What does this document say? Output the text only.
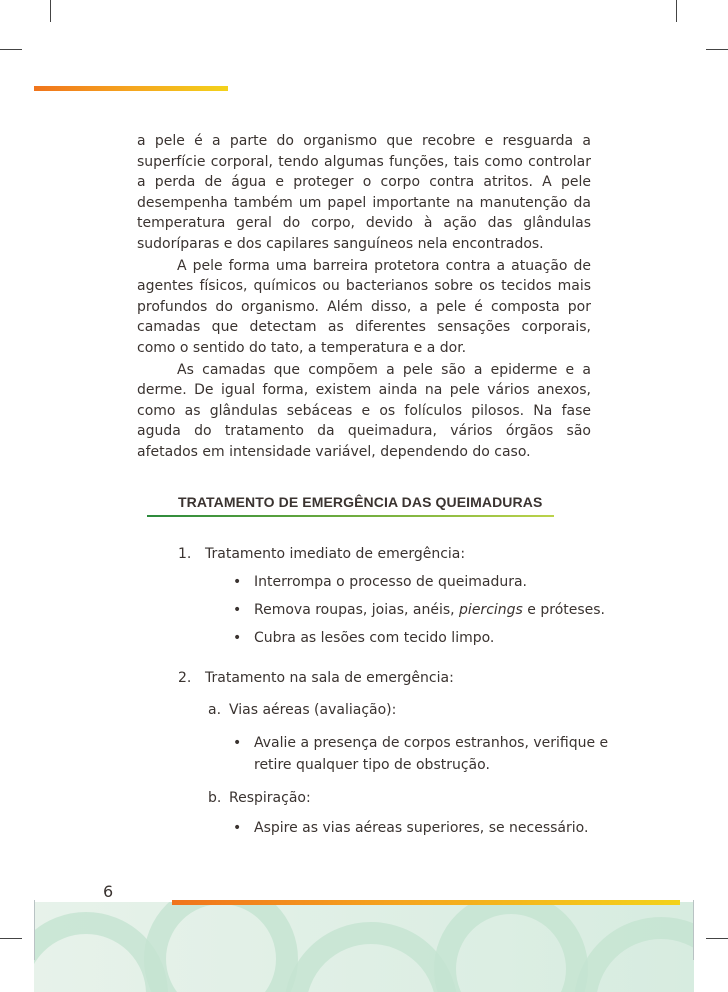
a pele é a parte do organismo que recobre e resguarda a superfície corporal, tendo algumas funções, tais como controlar a perda de água e proteger o corpo contra atritos. A pele desempenha também um papel importante na manutenção da temperatura geral do corpo, devido à ação das glândulas sudoríparas e dos capilares sanguíneos nela encontrados.

A pele forma uma barreira protetora contra a atuação de agentes físicos, químicos ou bacterianos sobre os tecidos mais profundos do organismo. Além disso, a pele é composta por camadas que detectam as diferentes sensações corporais, como o sentido do tato, a temperatura e a dor.

As camadas que compõem a pele são a epiderme e a derme. De igual forma, existem ainda na pele vários anexos, como as glândulas sebáceas e os folículos pilosos. Na fase aguda do tratamento da queimadura, vários órgãos são afetados em intensidade variável, dependendo do caso.

TRATAMENTO DE EMERGÊNCIA DAS QUEIMADURAS
1. Tratamento imediato de emergência:
• Interrompa o processo de queimadura.
• Remova roupas, joias, anéis, piercings e próteses.
• Cubra as lesões com tecido limpo.
2. Tratamento na sala de emergência:
a. Vias aéreas (avaliação):
• Avalie a presença de corpos estranhos, verifique e
retire qualquer tipo de obstrução.
b. Respiração:
• Aspire as vias aéreas superiores, se necessário.
6
